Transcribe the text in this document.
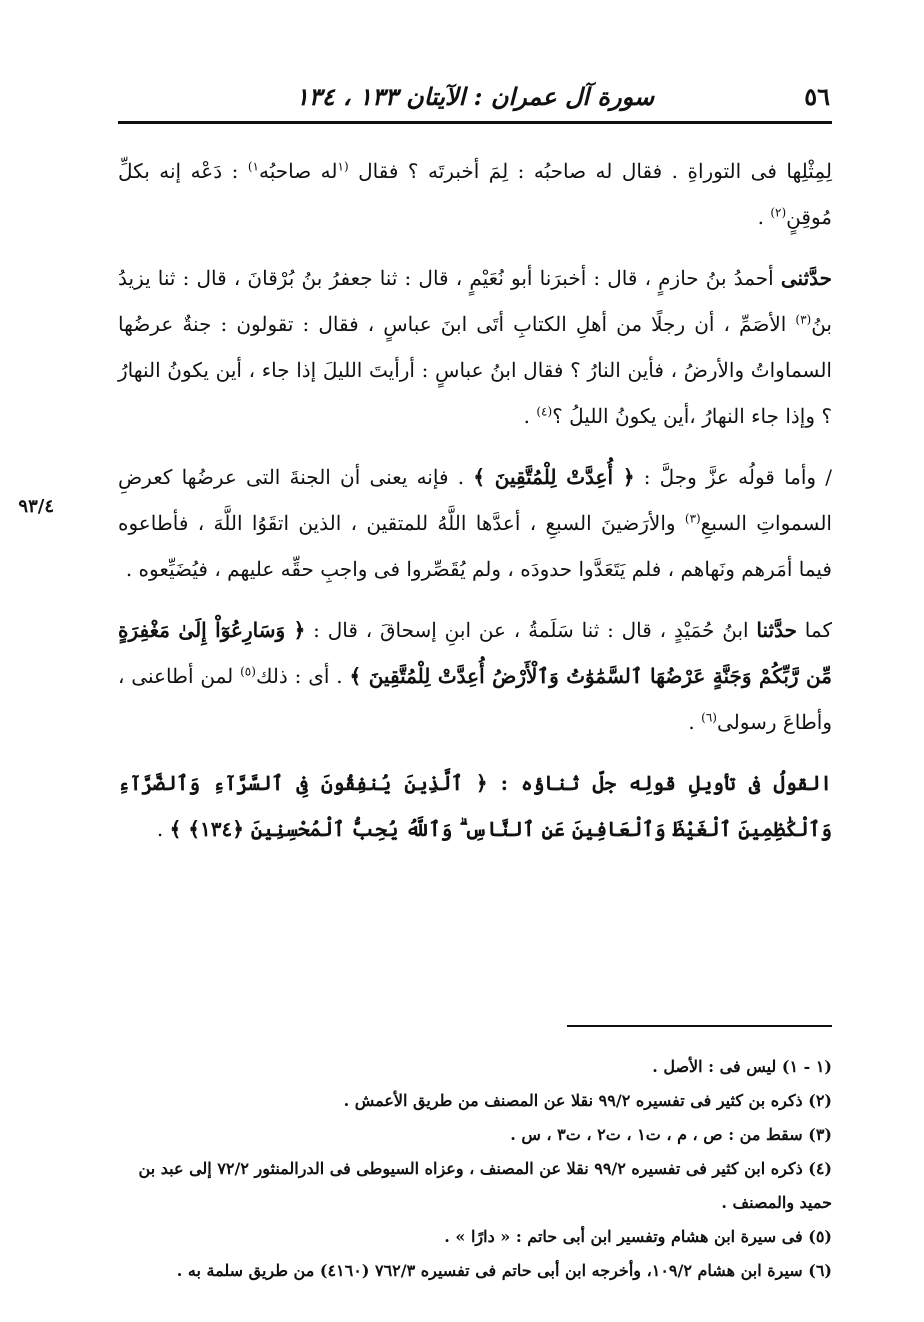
٥٦
سورة آل عمران : الآيتان ١٣٣ ، ١٣٤
٩٣/٤

لِمِثْلِها فى التوراةِ . فقال له صاحبُه : لِمَ أخبرتَه ؟ فقال $^{(١}$له صاحبُه$^{١)}$ : دَعْه إنه بكلِّ مُوقِنٍ$^{(٢)}$ .

حدَّثنى أحمدُ بنُ حازمٍ ، قال : أخبرَنا أبو نُعَيْمٍ ، قال : ثنا جعفرُ بنُ بُرْقانَ ، قال : ثنا يزيدُ بنُ$^{(٣)}$ الأصَمِّ ، أن رجلًا من أهلِ الكتابِ أتَى ابنَ عباسٍ ، فقال : تقولون : جنةٌ عرضُها السماواتُ والأرضُ ، فأين النارُ ؟ فقال ابنُ عباسٍ : أرأيتَ الليلَ إذا جاء ، أين يكونُ النهارُ ؟ وإذا جاء النهارُ ،أين يكونُ الليلُ ؟$^{(٤)}$ .

/ وأما قولُه عزَّ وجلَّ : ﴿ أُعِدَّتْ لِلْمُتَّقِينَ ﴾ . فإنه يعنى أن الجنةَ التى عرضُها كعرضِ السمواتِ السبعِ$^{(٣)}$ والأرَضينَ السبعِ ، أعدَّها اللَّهُ للمتقين ، الذين اتقَوُا اللَّهَ ، فأطاعوه فيما أمَرهم ونَهاهم ، فلم يَتَعَدَّوا حدودَه ، ولم يُقَصِّروا فى واجبِ حقِّه عليهم ، فيُضَيِّعوه .

كما حدَّثنا ابنُ حُمَيْدٍ ، قال : ثنا سَلَمةُ ، عن ابنِ إسحاقَ ، قال : ﴿ وَسَارِعُوٓاْ إِلَىٰ مَغْفِرَةٍ مِّن رَّبِّكُمْ وَجَنَّةٍ عَرْضُهَا ٱلسَّمَٰوَٰتُ وَٱلْأَرْضُ أُعِدَّتْ لِلْمُتَّقِينَ ﴾ . أى : ذلك$^{(٥)}$ لمن أطاعنى ، وأطاعَ رسولى$^{(٦)}$ .

القولُ فى تأويلِ قولِه جلّ ثناؤه : ﴿ ٱلَّذِينَ يُنفِقُونَ فِى ٱلسَّرَّآءِ وَٱلضَّرَّآءِ وَٱلْكَٰظِمِينَ ٱلْغَيْظَ وَٱلْعَافِينَ عَنِ ٱلنَّاسِ ۗ وَٱللَّهُ يُحِبُّ ٱلْمُحْسِنِينَ ﴿١٣٤﴾ ﴾ .

(١ - ١) ليس فى : الأصل .

(٢) ذكره بن كثير فى تفسيره ٩٩/٢ نقلا عن المصنف من طريق الأعمش .

(٣) سقط من : ص ، م ، ت١ ، ت٢ ، ت٣ ، س .

(٤) ذكره ابن كثير فى تفسيره ٩٩/٢ نقلا عن المصنف ، وعزاه السيوطى فى الدرالمنثور ٧٢/٢ إلى عبد بن

حميد والمصنف .

(٥) فى سيرة ابن هشام وتفسير ابن أبى حاتم : « دارًا » .

(٦) سيرة ابن هشام ١٠٩/٢، وأخرجه ابن أبى حاتم فى تفسيره ٧٦٢/٣ (٤١٦٠) من طريق سلمة به .
